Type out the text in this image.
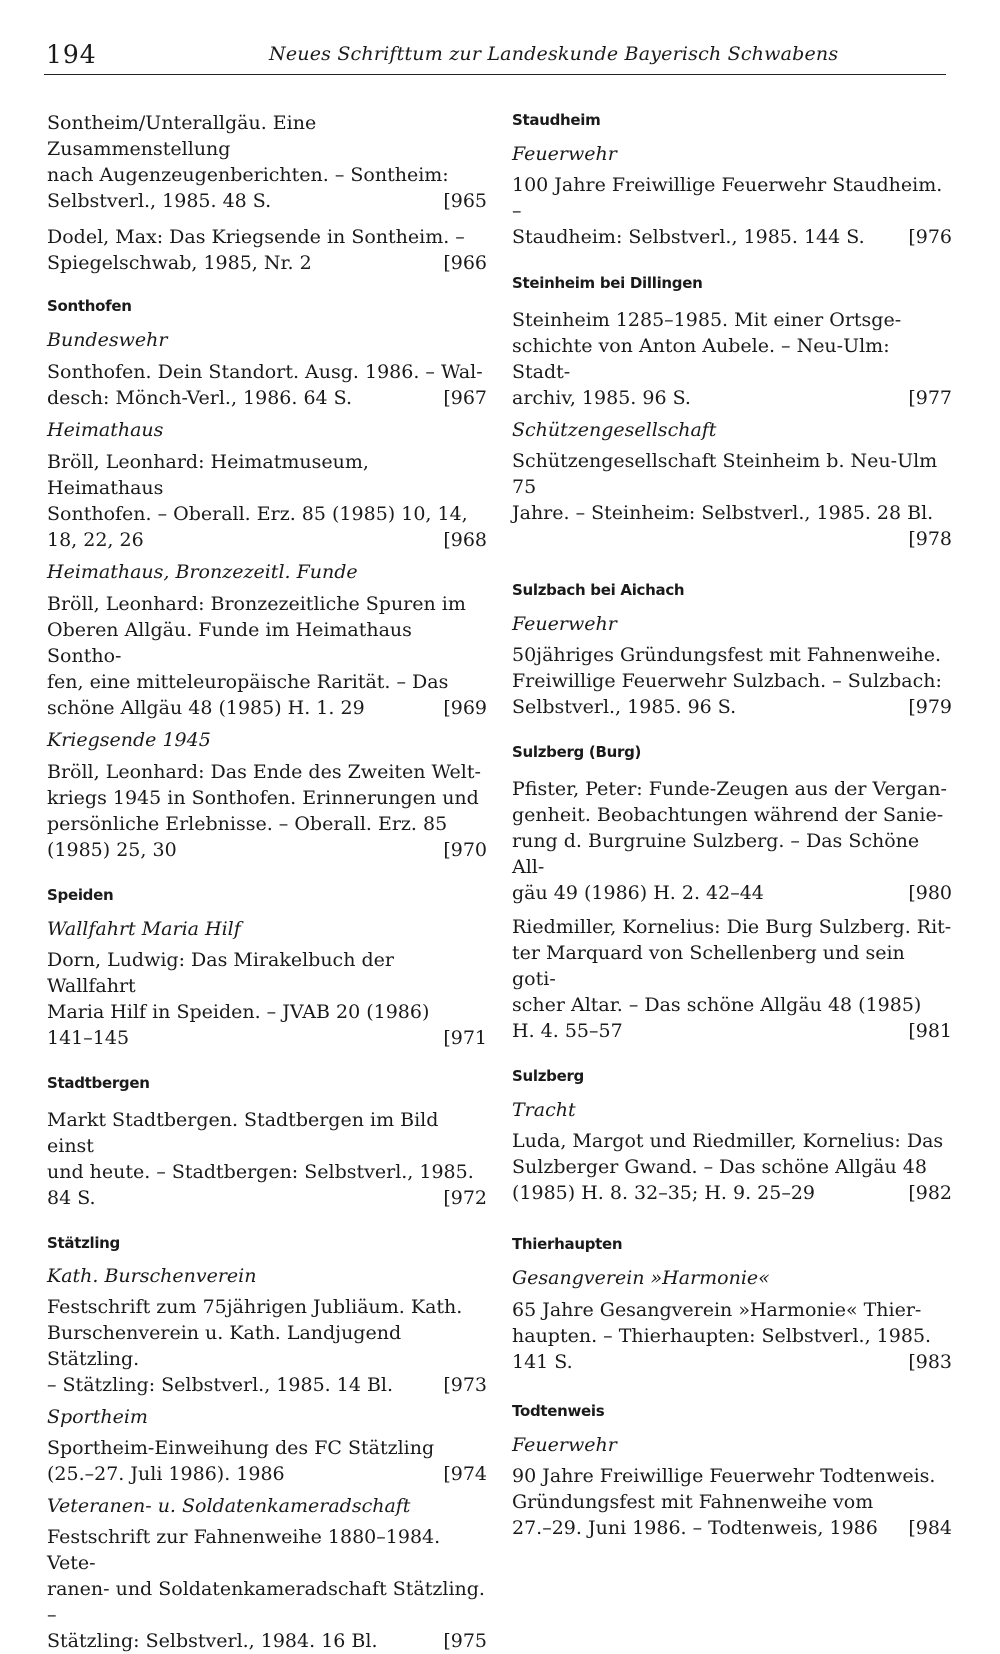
194	Neues Schrifttum zur Landeskunde Bayerisch Schwabens
Sontheim/Unterallgäu. Eine Zusammenstellung
nach Augenzeugenberichten. – Sontheim:
Selbstverl., 1985. 48 S.	[965
Dodel, Max: Das Kriegsende in Sontheim. –
Spiegelschwab, 1985, Nr. 2	[966
Sonthofen
Bundeswehr
Sonthofen. Dein Standort. Ausg. 1986. – Wal-
desch: Mönch-Verl., 1986. 64 S.	[967
Heimathaus
Bröll, Leonhard: Heimatmuseum, Heimathaus
Sonthofen. – Oberall. Erz. 85 (1985) 10, 14,
18, 22, 26	[968
Heimathaus, Bronzezeitl. Funde
Bröll, Leonhard: Bronzezeitliche Spuren im
Oberen Allgäu. Funde im Heimathaus Sontho-
fen, eine mitteleuropäische Rarität. – Das
schöne Allgäu 48 (1985) H. 1. 29	[969
Kriegsende 1945
Bröll, Leonhard: Das Ende des Zweiten Welt-
kriegs 1945 in Sonthofen. Erinnerungen und
persönliche Erlebnisse. – Oberall. Erz. 85
(1985) 25, 30	[970
Speiden
Wallfahrt Maria Hilf
Dorn, Ludwig: Das Mirakelbuch der Wallfahrt
Maria Hilf in Speiden. – JVAB 20 (1986)
141–145	[971
Stadtbergen
Markt Stadtbergen. Stadtbergen im Bild einst
und heute. – Stadtbergen: Selbstverl., 1985.
84 S.	[972
Stätzling
Kath. Burschenverein
Festschrift zum 75jährigen Jubliäum. Kath.
Burschenverein u. Kath. Landjugend Stätzling.
– Stätzling: Selbstverl., 1985. 14 Bl.	[973
Sportheim
Sportheim-Einweihung des FC Stätzling
(25.–27. Juli 1986). 1986	[974
Veteranen- u. Soldatenkameradschaft
Festschrift zur Fahnenweihe 1880–1984. Vete-
ranen- und Soldatenkameradschaft Stätzling. –
Stätzling: Selbstverl., 1984. 16 Bl.	[975
Staudheim
Feuerwehr
100 Jahre Freiwillige Feuerwehr Staudheim. –
Staudheim: Selbstverl., 1985. 144 S. [976
Steinheim bei Dillingen
Steinheim 1285–1985. Mit einer Ortsge-
schichte von Anton Aubele. – Neu-Ulm: Stadt-
archiv, 1985. 96 S.	[977
Schützengesellschaft
Schützengesellschaft Steinheim b. Neu-Ulm 75
Jahre. – Steinheim: Selbstverl., 1985. 28 Bl.
[978
Sulzbach bei Aichach
Feuerwehr
50jähriges Gründungsfest mit Fahnenweihe.
Freiwillige Feuerwehr Sulzbach. – Sulzbach:
Selbstverl., 1985. 96 S.	[979
Sulzberg (Burg)
Pfister, Peter: Funde-Zeugen aus der Vergan-
genheit. Beobachtungen während der Sanie-
rung d. Burgruine Sulzberg. – Das Schöne All-
gäu 49 (1986) H. 2. 42–44	[980
Riedmiller, Kornelius: Die Burg Sulzberg. Rit-
ter Marquard von Schellenberg und sein goti-
scher Altar. – Das schöne Allgäu 48 (1985)
H. 4. 55–57	[981
Sulzberg
Tracht
Luda, Margot und Riedmiller, Kornelius: Das
Sulzberger Gwand. – Das schöne Allgäu 48
(1985) H. 8. 32–35; H. 9. 25–29	[982
Thierhaupten
Gesangverein »Harmonie«
65 Jahre Gesangverein »Harmonie« Thier-
haupten. – Thierhaupten: Selbstverl., 1985.
141 S.	[983
Todtenweis
Feuerwehr
90 Jahre Freiwillige Feuerwehr Todtenweis.
Gründungsfest mit Fahnenweihe vom
27.–29. Juni 1986. – Todtenweis, 1986 [984
